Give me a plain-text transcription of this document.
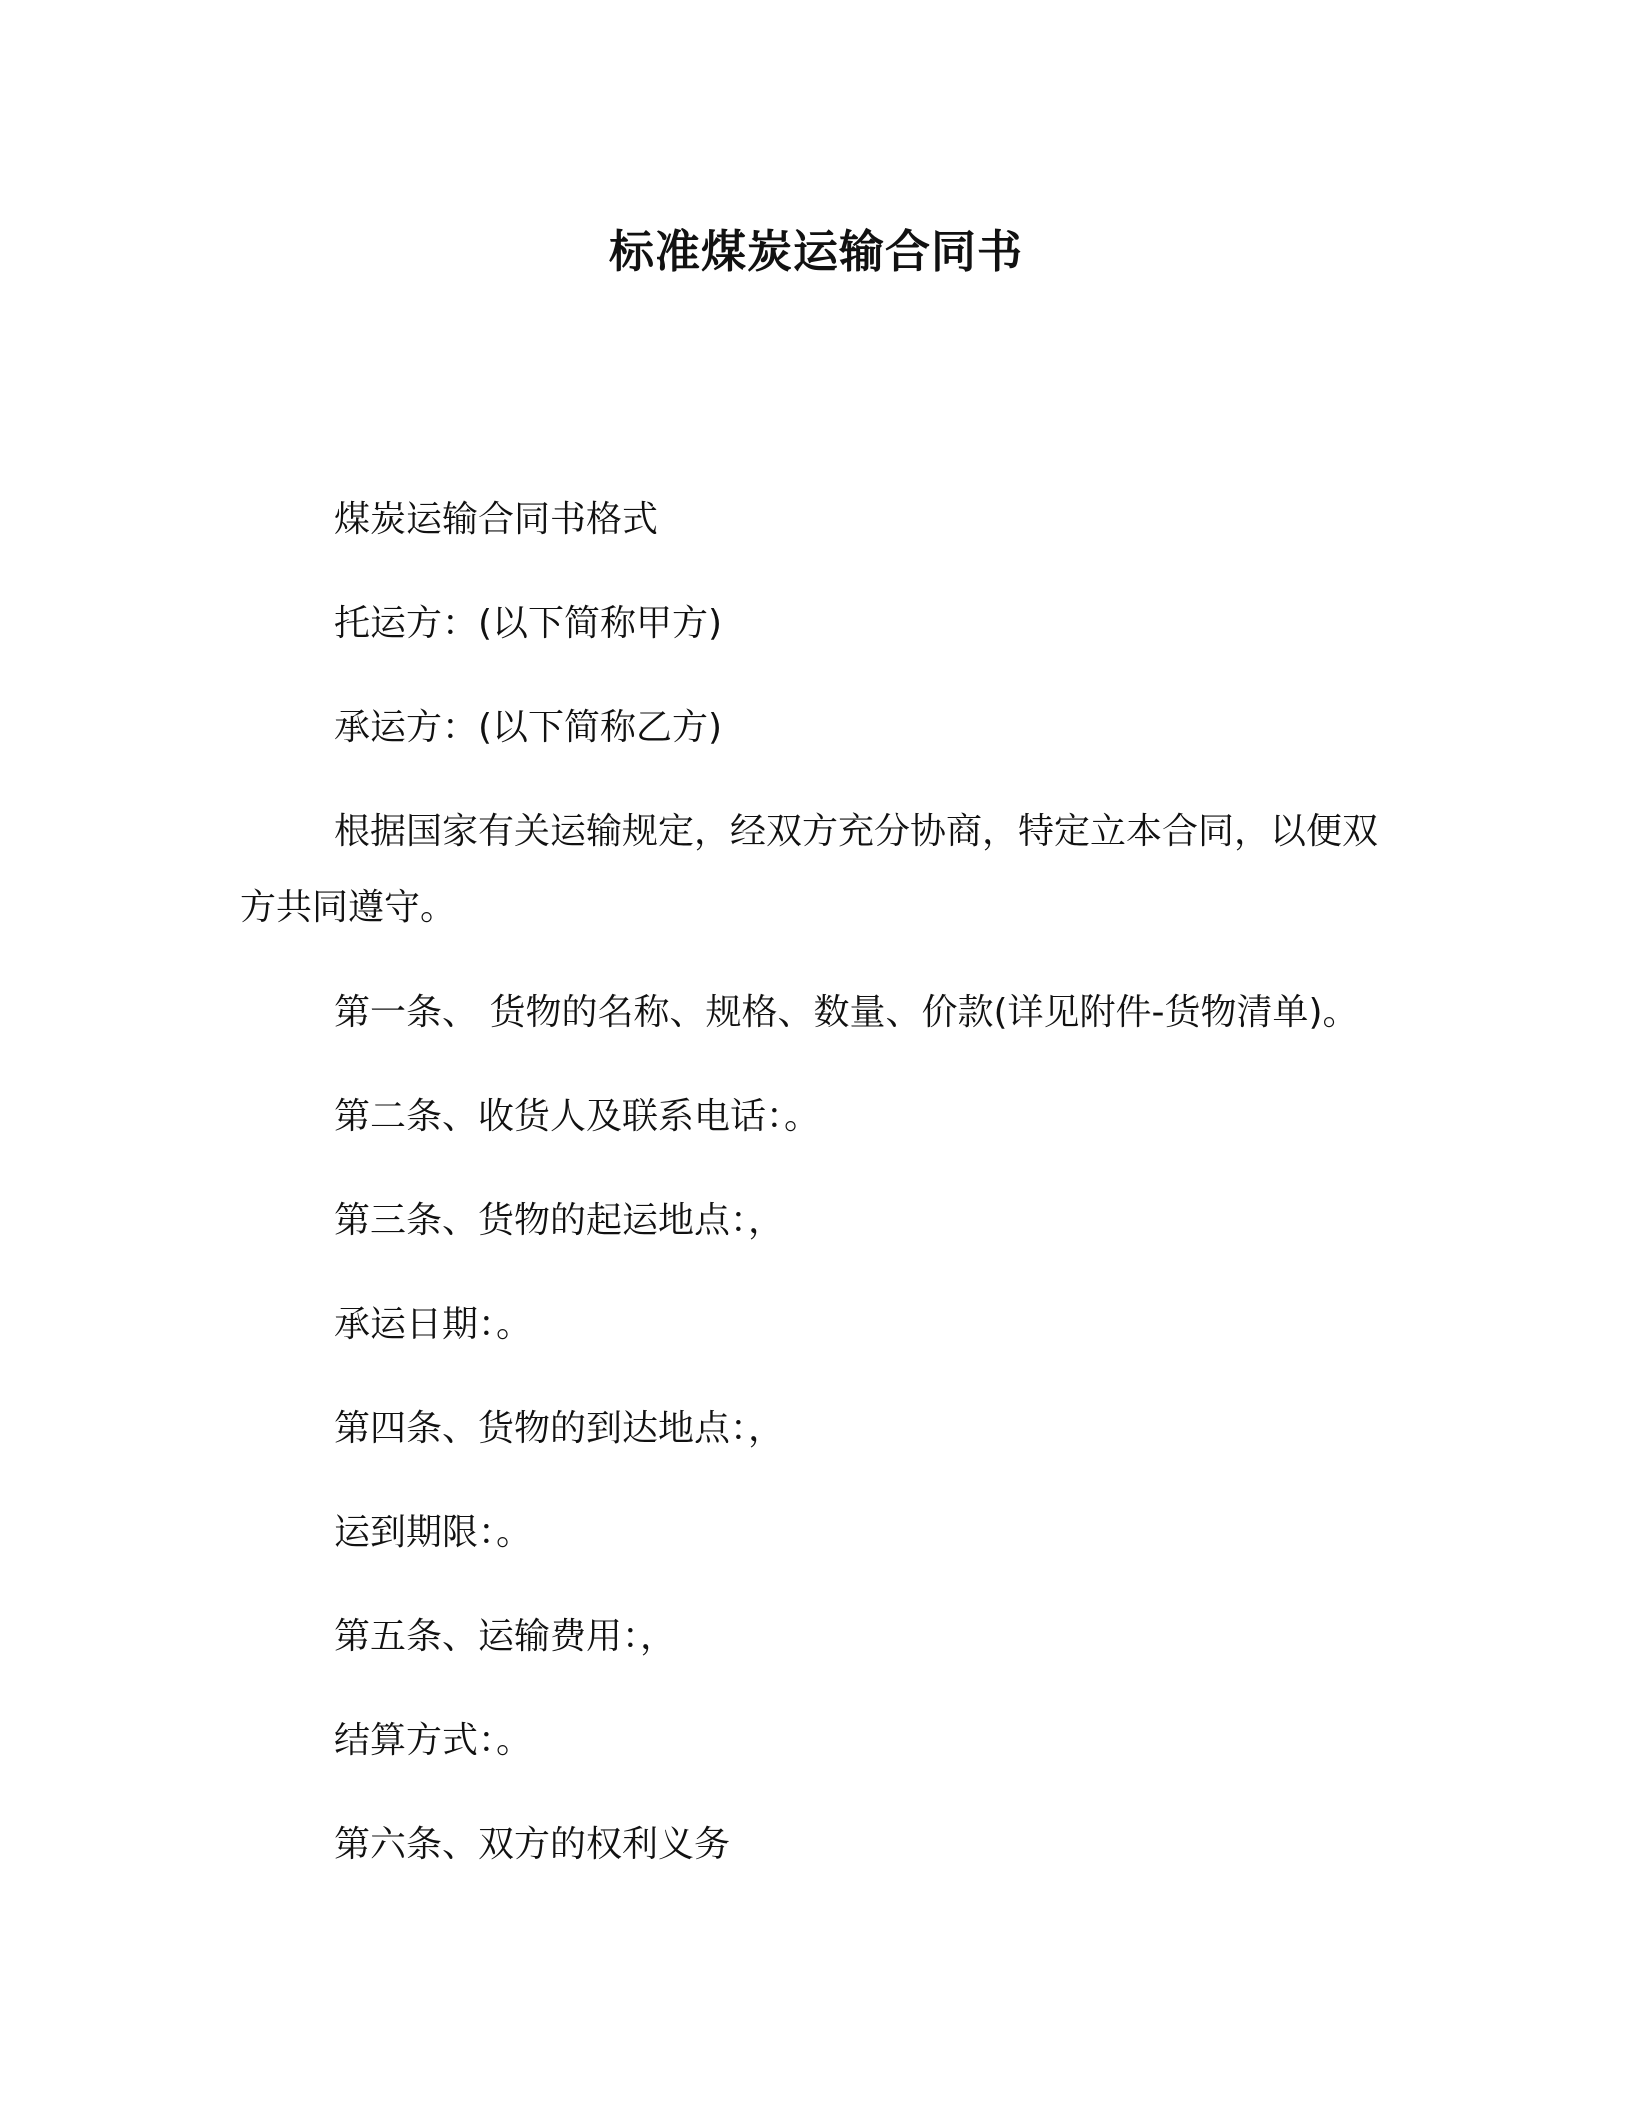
标准煤炭运输合同书
煤炭运输合同书格式
托运方：(以下简称甲方)
承运方：(以下简称乙方)
根据国家有关运输规定，经双方充分协商，特定立本合同，以便双方共同遵守。
第一条、 货物的名称、规格、数量、价款(详见附件-货物清单)。
第二条、收货人及联系电话：。
第三条、货物的起运地点：，
承运日期：。
第四条、货物的到达地点：，
运到期限：。
第五条、运输费用：，
结算方式：。
第六条、双方的权利义务
